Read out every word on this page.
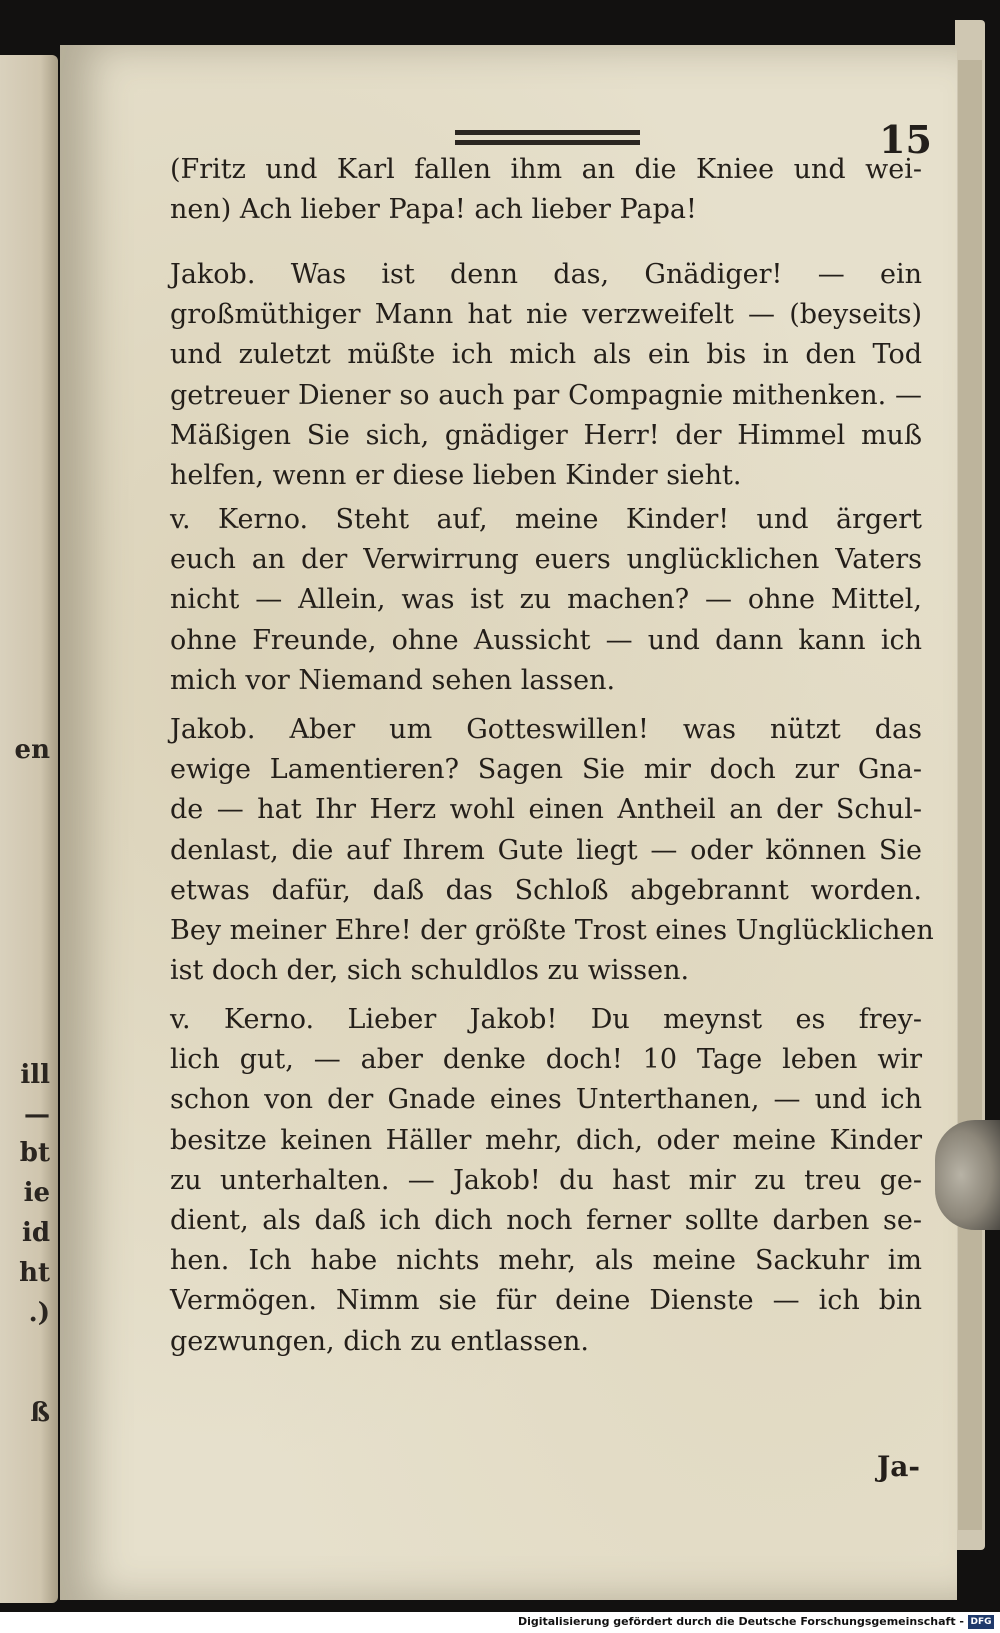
en
ill
—
bt
ie
id
ht
.)
ß
15
(Fritz und Karl fallen ihm an die Kniee und wei-
nen) Ach lieber Papa! ach lieber Papa!
Jakob. Was ist denn das, Gnädiger! — ein
großmüthiger Mann hat nie verzweifelt — (beyseits)
und zuletzt müßte ich mich als ein bis in den Tod
getreuer Diener so auch par Compagnie mithenken. —
Mäßigen Sie sich, gnädiger Herr! der Himmel muß
helfen, wenn er diese lieben Kinder sieht.
v. Kerno. Steht auf, meine Kinder! und ärgert
euch an der Verwirrung euers unglücklichen Vaters
nicht — Allein, was ist zu machen? — ohne Mittel,
ohne Freunde, ohne Aussicht — und dann kann ich
mich vor Niemand sehen lassen.
Jakob. Aber um Gotteswillen! was nützt das
ewige Lamentieren? Sagen Sie mir doch zur Gna-
de — hat Ihr Herz wohl einen Antheil an der Schul-
denlast, die auf Ihrem Gute liegt — oder können Sie
etwas dafür, daß das Schloß abgebrannt worden.
Bey meiner Ehre! der größte Trost eines Unglücklichen
ist doch der, sich schuldlos zu wissen.
v. Kerno. Lieber Jakob! Du meynst es frey-
lich gut, — aber denke doch! 10 Tage leben wir
schon von der Gnade eines Unterthanen, — und ich
besitze keinen Häller mehr, dich, oder meine Kinder
zu unterhalten. — Jakob! du hast mir zu treu ge-
dient, als daß ich dich noch ferner sollte darben se-
hen. Ich habe nichts mehr, als meine Sackuhr im
Vermögen. Nimm sie für deine Dienste — ich bin
gezwungen, dich zu entlassen.
Ja-
Digitalisierung gefördert durch die Deutsche Forschungsgemeinschaft - DFG
